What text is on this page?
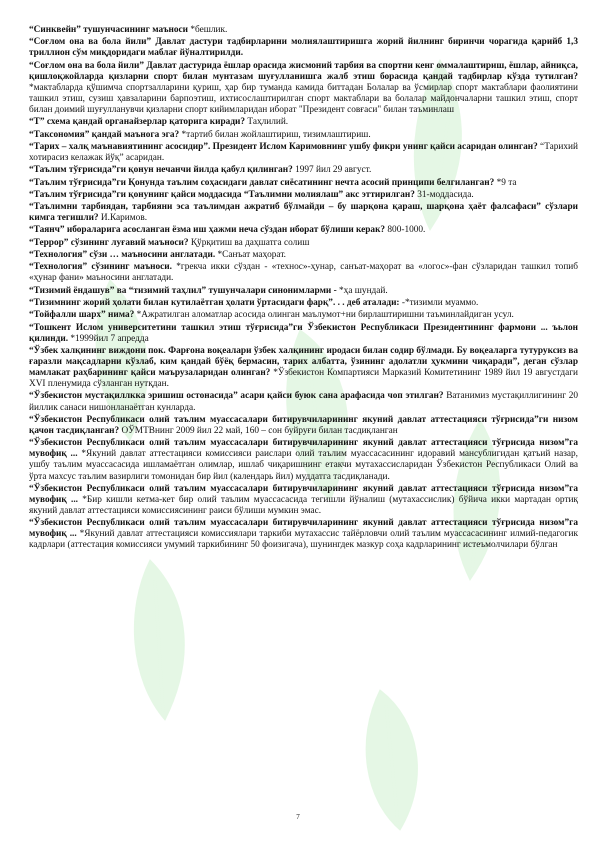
“Синквейн” тушунчасининг маъноси *бешлик.

“Соғлом она ва бола йили” Давлат дастури тадбирларини молиялаштиришга жорий йилнинг биринчи чорагида қарийб 1,3 триллион сўм миқдоридаги маблағ йўналтирилди.

“Соғлом она ва бола йили” Давлат дастурида ёшлар орасида жисмоний тарбия ва спортни кенг оммалаштириш, ёшлар, айниқса, қишлоқжойларда қизларни спорт билан мунтазам шуғулланишга жалб этиш борасида қандай тадбирлар кўзда тутилган? *мактабларда қўшимча спортзалларини қуриш, ҳар бир туманда камида биттадан Болалар ва ўсмирлар спорт мактаблари фаолиятини ташкил этиш, сузиш ҳавзаларини барпоэтиш, ихтисослаштирилган спорт мактаблари ва болалар майдончаларни ташкил этиш, спорт билан доимий шуғулланувчи қизларни спорт кийимларидан иборат "Президент совғаси" билан таъминлаш

“T” схема қандай органайзерлар қаторига киради? Таҳлилий.

“Таксономия” қандай маънога эга? *тартиб билан жойлаштириш, тизимлаштириш.

“Тарих – халқ маънавиятининг асосидир”. Президент Ислом Каримовнинг ушбу фикри унинг қайси асаридан олинган? “Тарихий хотирасиз келажак йўқ” асаридан.

“Таълим тўғрисида”ги қонун нечанчи йилда қабул қилинган? 1997 йил 29 август.

“Таълим тўғрисида”ги Қонунда таълим соҳасидаги давлат сиёсатининг нечта асосий принципи белгиланган? *9 та

“Таълим тўғрисида”ги қонунинг қайси моддасида “Таълимни молиялаш” акс эттирилган? 31-моддасида.

“Таълимни тарбиядан, тарбияни эса таълимдан ажратиб бўлмайди – бу шарқона қараш, шарқона ҳаёт фалсафаси” сўзлари кимга тегишли? И.Каримов.

“Таянч” ибораларига асосланган ёзма иш ҳажми неча сўздан иборат бўлиши керак? 800-1000.

“Террор” сўзининг луғавий маъноси? Қўрқитиш ва даҳшатга солиш

“Технология” сўзи … маъносини англатади. *Санъат маҳорат.

“Технология” сўзининг маъноси. *грекча икки сўздан - «техноc»-ҳунар, санъат-маҳорат ва «логос»-фан сўзларидан ташкил топиб «ҳунар фани» маъносини англатади.

“Тизимий ёндашув” ва “тизимий таҳлил” тушунчалари синонимларми - *ҳа шундай.

“Тизимнинг жорий ҳолати билан кутилаётган ҳолати ўртасидаги фарқ”. . . деб аталади: -*тизимли муаммо.

“Тойфалли шарх” нима? *Ажратилган аломатлар асосида олинган маълумот+ни бирлаштиришни таъминлайдиган усул.

“Тошкент Ислом университетини ташкил этиш тўғрисида”ги Ўзбекистон Республикаси Президентининг фармони ... ъьлон қилинди. *1999йил 7 апредда

“Ўзбек халқининг виждони пок. Фарғона воқеалари ўзбек халқининг иродаси билан содир бўлмади. Бу воқеаларга тутуруксиз ва ғаразли мақсадларни кўзлаб, ким қандай бўёқ бермасин, тарих албатта, ўзининг адолатли ҳукмини чиқаради”, деган сўзлар мамлакат раҳбарининг қайси маърузаларидан олинган? *Ўзбекистон Компартияси Марказий Комитетининг 1989 йил 19 августдаги XVI пленумида сўзланган нутқдан.

“Ўзбекистон мустақиллкка эришиш остонасида” асари қайси буюк сана арафасида чоп этилган? Ватанимиз мустақиллигининг 20 йиллик санаси нишонланаётган кунларда.

“Ўзбекистон Республикаси олий таълим муассасалари битирувчиларининг якуний давлат аттестацияси тўғрисида”ги низом қачон тасдиқланган? ОЎМТВнинг 2009 йил 22 май, 160 – сон буйруғи билан тасдиқланган

“Ўзбекистон Республикаси олий таълим муассасалари битирувчиларининг якуний давлат аттестацияси тўғрисида низом”га мувофиқ ... *Якуний давлат аттестацияси комиссияси раислари олий таълим муассасасининг идоравий мансублигидан қатъий назар, ушбу таълим муассасасида ишламаётган олимлар, ишлаб чиқаришнинг етакчи мутахассисларидан Ўзбекистон Республикаси Олий ва ўрта махсус таълим вазирлиги томонидан бир йил (календарь йил) муддатга тасдиқланади.

“Ўзбекистон Республикаси олий таълим муассасалари битирувчиларининг якуний давлат аттестацияси тўғрисида низом”га мувофиқ ... *Бир кишли кетма-кет бир олий таълим муассасасида тегишли йўналиш (мутахассислик) бўйича икки мартадан ортиқ якуний давлат аттестацияси комиссиясининг раиси бўлиши мумкин эмас.

“Ўзбекистон Республикаси олий таълим муассасалари битирувчиларининг якуний давлат аттестацияси тўғрисида низом”га мувофиқ ... *Якуний давлат аттестацияси комиссиялари таркиби мутахассис тайёрловчи олий таълим муассасасининг илмий-педагогик кадрлари (аттестация комиссияси умумий таркибининг 50 фоизигача), шунингдек мазкур соҳа кадрларининг истеъмолчилари бўлган

7
